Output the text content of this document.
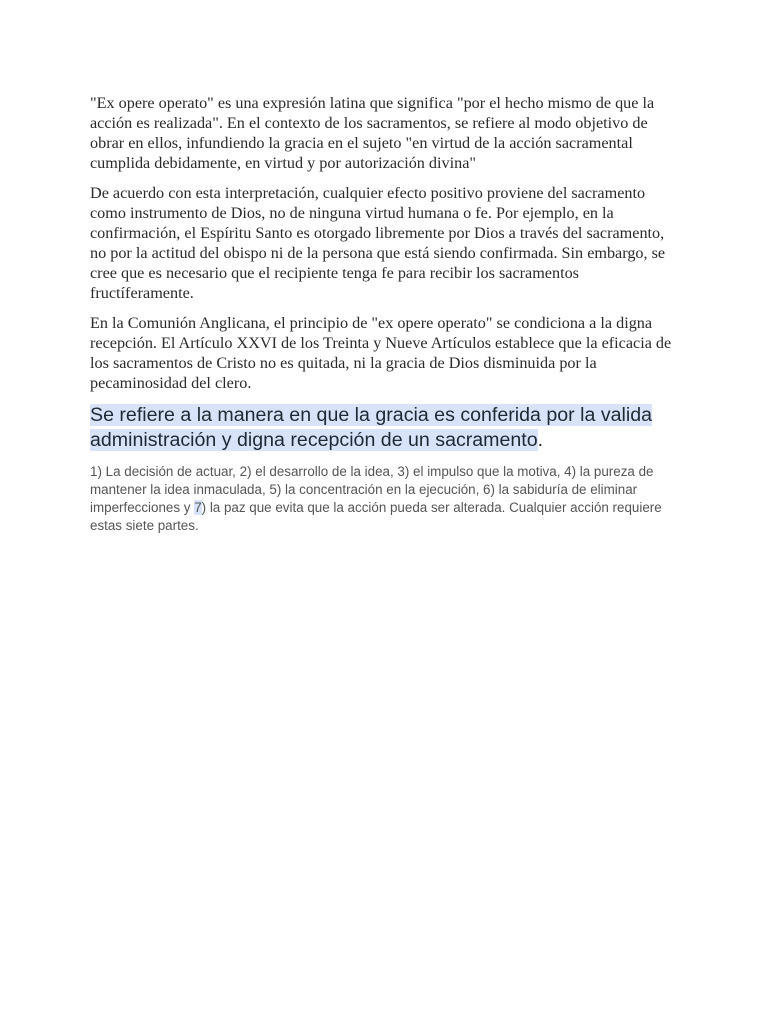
"Ex opere operato" es una expresión latina que significa "por el hecho mismo de que la acción es realizada". En el contexto de los sacramentos, se refiere al modo objetivo de obrar en ellos, infundiendo la gracia en el sujeto "en virtud de la acción sacramental cumplida debidamente, en virtud y por autorización divina"

De acuerdo con esta interpretación, cualquier efecto positivo proviene del sacramento como instrumento de Dios, no de ninguna virtud humana o fe. Por ejemplo, en la confirmación, el Espíritu Santo es otorgado libremente por Dios a través del sacramento, no por la actitud del obispo ni de la persona que está siendo confirmada. Sin embargo, se cree que es necesario que el recipiente tenga fe para recibir los sacramentos fructíferamente.

En la Comunión Anglicana, el principio de "ex opere operato" se condiciona a la digna recepción. El Artículo XXVI de los Treinta y Nueve Artículos establece que la eficacia de los sacramentos de Cristo no es quitada, ni la gracia de Dios disminuida por la pecaminosidad del clero.

Se refiere a la manera en que la gracia es conferida por la valida administración y digna recepción de un sacramento.

1) La decisión de actuar, 2) el desarrollo de la idea, 3) el impulso que la motiva, 4) la pureza de mantener la idea inmaculada, 5) la concentración en la ejecución, 6) la sabiduría de eliminar imperfecciones y 7) la paz que evita que la acción pueda ser alterada. Cualquier acción requiere estas siete partes.
